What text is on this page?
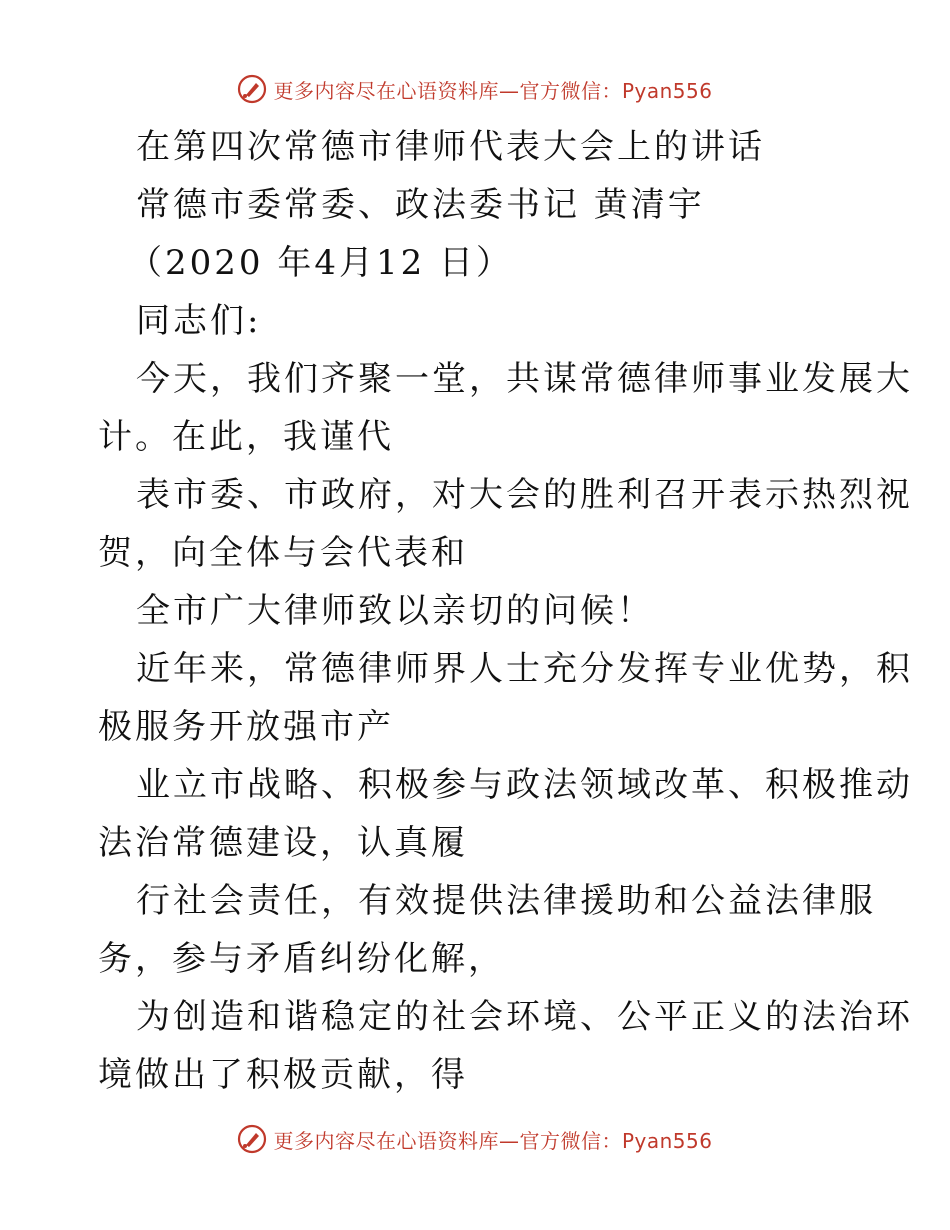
更多内容尽在心语资料库—官方微信：Pyan556
在第四次常德市律师代表大会上的讲话
常德市委常委、政法委书记 黄清宇
（2020 年4月12 日）
同志们:
今天，我们齐聚一堂，共谋常德律师事业发展大
计。在此，我谨代
表市委、市政府，对大会的胜利召开表示热烈祝
贺，向全体与会代表和
全市广大律师致以亲切的问候！
近年来，常德律师界人士充分发挥专业优势，积
极服务开放强市产
业立市战略、积极参与政法领域改革、积极推动
法治常德建设，认真履
行社会责任，有效提供法律援助和公益法律服
务，参与矛盾纠纷化解，
为创造和谐稳定的社会环境、公平正义的法治环
境做出了积极贡献，得
更多内容尽在心语资料库—官方微信：Pyan556
